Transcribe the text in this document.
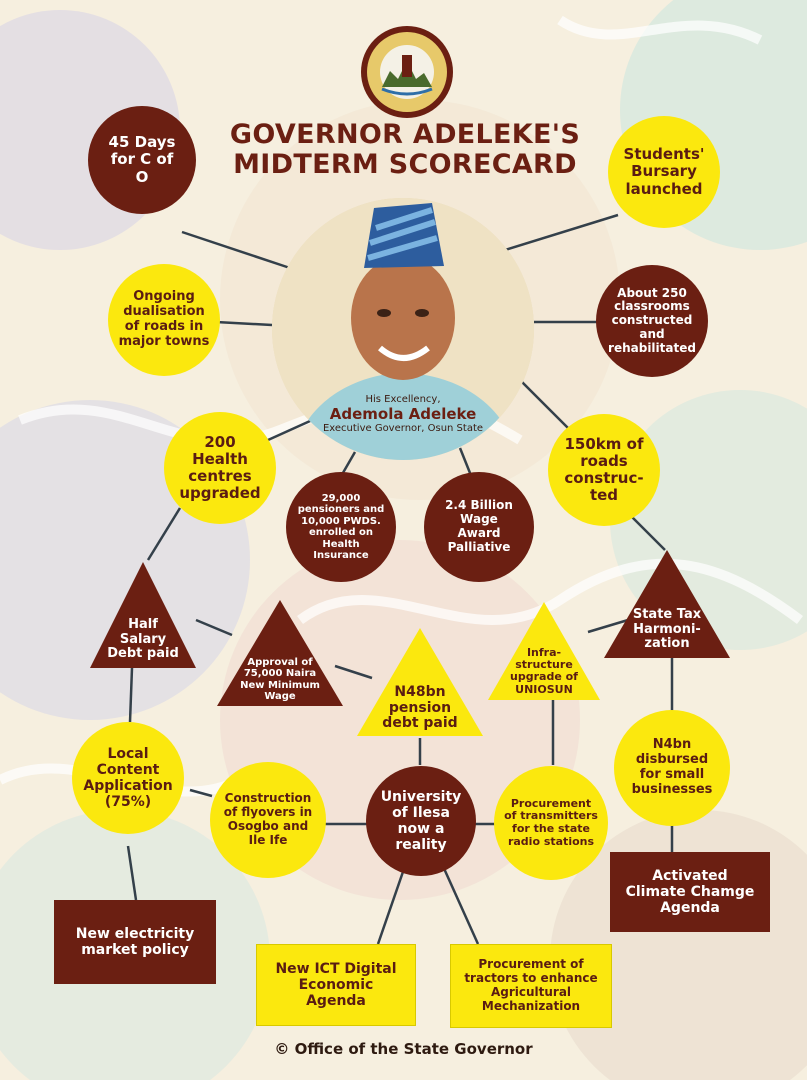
GOVERNOR ADELEKE'S
MIDTERM SCORECARD
His Excellency,
Ademola Adeleke
Executive Governor, Osun State
45 Days for C of O
Students' Bursary launched
Ongoing dualisation of roads in major towns
About 250 classrooms constructed and rehabilitated
200 Health centres upgraded	29,000 pensioners and 10,000 PWDS. enrolled on Health Insurance
2.4 Billion Wage Award Palliative
150km of roads construc-ted
Local Content Application (75%)	Construction of flyovers in Osogbo and Ile Ife
University of Ilesa now a reality
Procurement of transmitters for the state radio stations
N4bn disbursed for small businesses
Half Salary Debt paid
Approval of 75,000 Naira New Minimum Wage	N48bn pension debt paid
Infra-structure upgrade of UNIOSUN
State Tax Harmoni-zation
Activated Climate Chamge Agenda
New electricity market policy
New ICT Digital Economic Agenda
Procurement of tractors to enhance Agricultural Mechanization
© Office of the State Governor
